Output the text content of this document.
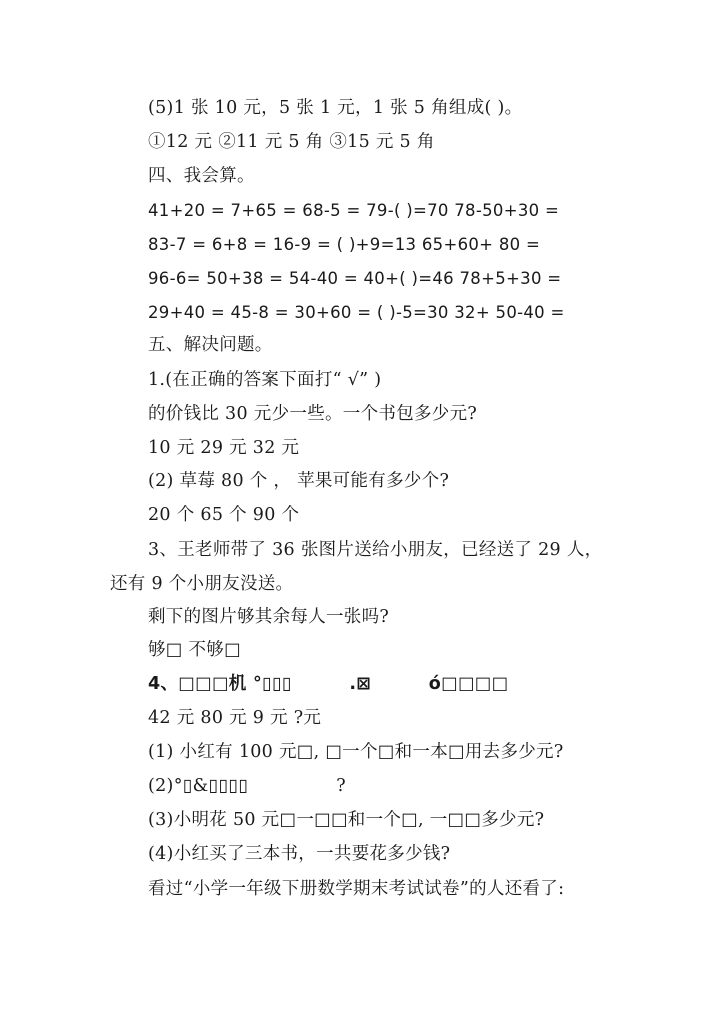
(5)1 张 10 元，5 张 1 元，1 张 5 角组成( )。
①12 元 ②11 元 5 角 ③15 元 5 角
四、我会算。
41+20 = 7+65 = 68-5 = 79-( )=70 78-50+30 =
83-7 = 6+8 = 16-9 = ( )+9=13 65+60+ 80 =
96-6= 50+38 = 54-40 = 40+( )=46 78+5+30 =
29+40 = 45-8 = 30+60 = ( )-5=30 32+ 50-40 =
五、解决问题。
1.(在正确的答案下面打“ √” )
的价钱比 30 元少一些。一个书包多少元?
10 元 29 元 32 元
(2) 草莓 80 个 ， 苹果可能有多少个?
20 个 65 个 90 个
3、王老师带了 36 张图片送给小朋友，已经送了 29 人，
还有 9 个小朋友没送。
剩下的图片够其余每人一张吗?
够□ 不够□
4、□□□机 °▯▯▯         .⊠         ó□□□□
42 元 80 元 9 元 ?元
(1) 小红有 100 元□, □一个□和一本□用去多少元?
(2)°▯&▯▯▯▯               ?
(3)小明花 50 元□一□□和一个□, 一□□多少元?
(4)小红买了三本书，一共要花多少钱?
看过“小学一年级下册数学期末考试试卷”的人还看了:
